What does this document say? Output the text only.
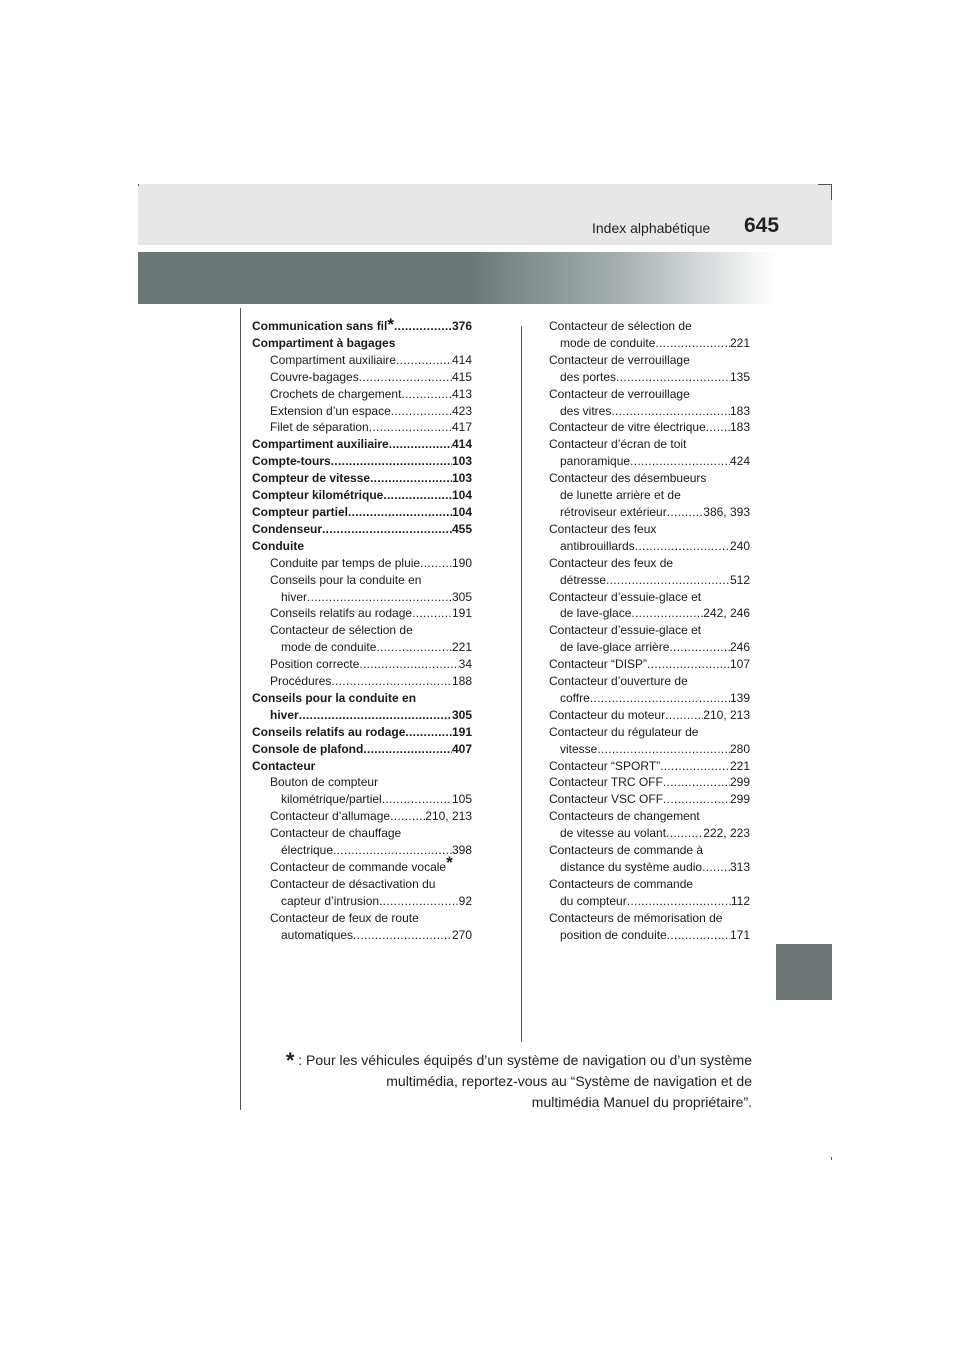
Index alphabétique 645
Communication sans fil * .....	376
Compartiment à bagages
Compartiment auxiliaire .....	414
Couvre-bagages .....	415
Crochets de chargement .....	413
Extension d’un espace .....	423
Filet de séparation .....	417
Compartiment auxiliaire .....	414
Compte-tours .....	103
Compteur de vitesse .....	103
Compteur kilométrique .....	104
Compteur partiel .....	104
Condenseur .....	455
Conduite
Conduite par temps de pluie .....	190
Conseils pour la conduite en
hiver .....	305
Conseils relatifs au rodage .....	191
Contacteur de sélection de
mode de conduite .....	221
Position correcte .....	34
Procédures .....	188
Conseils pour la conduite en
hiver .....	305
Conseils relatifs au rodage .....	191
Console de plafond .....	407
Contacteur
Bouton de compteur
kilométrique/partiel .....	105
Contacteur d’allumage .....	210, 213
Contacteur de chauffage
électrique .....	398
Contacteur de commande vocale*
Contacteur de désactivation du
capteur d’intrusion .....	92
Contacteur de feux de route
automatiques .....	270
Contacteur de sélection de
mode de conduite .....	221
Contacteur de verrouillage
des portes .....	135
Contacteur de verrouillage
des vitres .....	183
Contacteur de vitre électrique ..... 183
Contacteur d’écran de toit
panoramique .....	424
Contacteur des désembueurs
de lunette arrière et de
rétroviseur extérieur .....	386, 393
Contacteur des feux
antibrouillards .....	240
Contacteur des feux de
détresse .....	512
Contacteur d’essuie-glace et
de lave-glace .....	242, 246
Contacteur d’essuie-glace et
de lave-glace arrière .....	246
Contacteur “DISP” .....	107
Contacteur d’ouverture de
coffre .....	139
Contacteur du moteur .....	210, 213
Contacteur du régulateur de
vitesse .....	280
Contacteur “SPORT” .....	221
Contacteur TRC OFF .....	299
Contacteur VSC OFF .....	299
Contacteurs de changement
de vitesse au volant .....	222, 223
Contacteurs de commande à
distance du système audio ..... 313
Contacteurs de commande
du compteur .....	112
Contacteurs de mémorisation de
position de conduite .....	171
* : Pour les véhicules équipés d’un système de navigation ou d’un système
multimédia, reportez-vous au “Système de navigation et de
multimédia Manuel du propriétaire”.
